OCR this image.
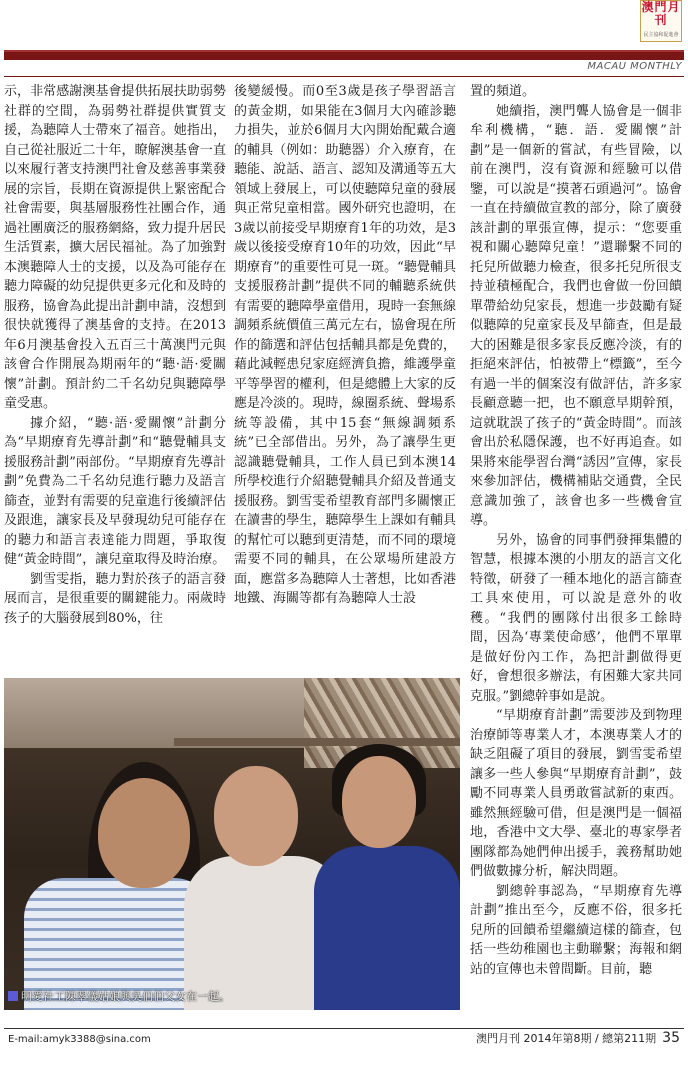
澳門月刊
民主協和促進會
MACAU MONTHLY

示，非常感謝澳基會提供拓展扶助弱勢社群的空間，為弱勢社群提供實質支援，為聽障人士帶來了福音。她指出，自己從社服近二十年，瞭解澳基會一直以來履行著支持澳門社會及慈善事業發展的宗旨，長期在資源提供上緊密配合社會需要，與基層服務性社團合作，通過社團廣泛的服務網絡，致力提升居民生活質素，擴大居民福祉。為了加強對本澳聽障人士的支援，以及為可能存在聽力障礙的幼兒提供更多元化和及時的服務，協會為此提出計劃申請，沒想到很快就獲得了澳基會的支持。在2013年6月澳基會投入五百三十萬澳門元與該會合作開展為期兩年的“聽·語·愛關懷”計劃。預計約二千名幼兒與聽障學童受惠。

據介紹，“聽·語·愛關懷”計劃分為“早期療育先導計劃”和“聽覺輔具支援服務計劃”兩部份。“早期療育先導計劃”免費為二千名幼兒進行聽力及語言篩查，並對有需要的兒童進行後續評估及跟進，讓家長及早發現幼兒可能存在的聽力和語言表達能力問題，爭取復健“黃金時間”，讓兒童取得及時治療。

劉雪雯指，聽力對於孩子的語言發展而言，是很重要的關鍵能力。兩歲時孩子的大腦發展到80%，往

後變緩慢。而0至3歲是孩子學習語言的黃金期，如果能在3個月大內確診聽力損失，並於6個月大內開始配戴合適的輔具（例如：助聽器）介入療育，在聽能、說話、語言、認知及溝通等五大領域上發展上，可以使聽障兒童的發展與正常兒童相當。國外研究也證明，在3歲以前接受早期療育1年的功效，是3歲以後接受療育10年的功效，因此“早期療育”的重要性可見一斑。“聽覺輔具支援服務計劃”提供不同的輔聽系統供有需要的聽障學童借用，現時一套無線調頻系統價值三萬元左右，協會現在所作的篩選和評估包括輔具都是免費的，藉此減輕患兒家庭經濟負擔，維護學童平等學習的權利，但是總體上大家的反應是冷淡的。現時，線圈系統、聲場系統等設備，其中15套“無線調頻系統”已全部借出。另外，為了讓學生更認識聽覺輔具，工作人員已到本澳14所學校進行介紹聽覺輔具介紹及普通支援服務。劉雪雯希望教育部門多關懷正在讀書的學生，聽障學生上課如有輔具的幫忙可以聽到更清楚，而不同的環境需要不同的輔具，在公眾場所建設方面，應當多為聽障人士著想，比如香港地鐵、海關等都有為聽障人士設

置的頻道。

她續指，澳門聾人協會是一個非牟利機構，“聽．語．愛關懷”計劃”是一個新的嘗試，有些冒險，以前在澳門，沒有資源和經驗可以借鑒，可以說是“摸著石頭過河”。協會一直在持續做宣教的部分，除了廣發該計劃的單張宣傳，提示：“您要重視和關心聽障兒童！”還聯繫不同的托兒所做聽力檢查，很多托兒所很支持並積極配合，我們也會做一份回饋單帶給幼兒家長，想進一步鼓勵有疑似聽障的兒童家長及早篩查，但是最大的困難是很多家長反應冷淡，有的拒絕來評估，怕被帶上“標籤”，至今有過一半的個案沒有做評估，許多家長顧意聽一把，也不願意早期幹預，這就耽誤了孩子的“黃金時間”。而該會出於私隱保護，也不好再追查。如果將來能學習台灣“誘因”宣傳，家長來參加評估，機構補貼交通費，全民意識加強了，該會也多一些機會宣導。

另外，協會的同事們發揮集體的智慧，根據本澳的小朋友的語言文化特徵，研發了一種本地化的語言篩查工具來使用，可以說是意外的收穫。“我們的團隊付出很多工餘時間，因為‘專業使命感’，他們不單單是做好份內工作，為把計劃做得更好，會想很多辦法，有困難大家共同克服。”劉總幹事如是說。

“早期療育計劃”需要涉及到物理治療師等專業人才，本澳專業人才的缺乏阻礙了項目的發展，劉雪雯希望讓多一些人參與“早期療育計劃”，鼓勵不同專業人員勇敢嘗試新的東西。雖然無經驗可借，但是澳門是一個福地，香港中文大學、臺北的專家學者團隊都為她們伸出援手，義務幫助她們做數據分析，解決問題。

劉總幹事認為，“早期療育先導計劃”推出至今，反應不俗，很多托兒所的回饋希望繼續這樣的篩查，包括一些幼稚園也主動聯繫；海報和網站的宣傳也未曾間斷。目前，聽

明愛社工陳翠儀姑娘與吳伯伯父女在一起。
E-mail:amyk3388@sina.com	澳門月刊 2014年第8期 / 總第211期 35
